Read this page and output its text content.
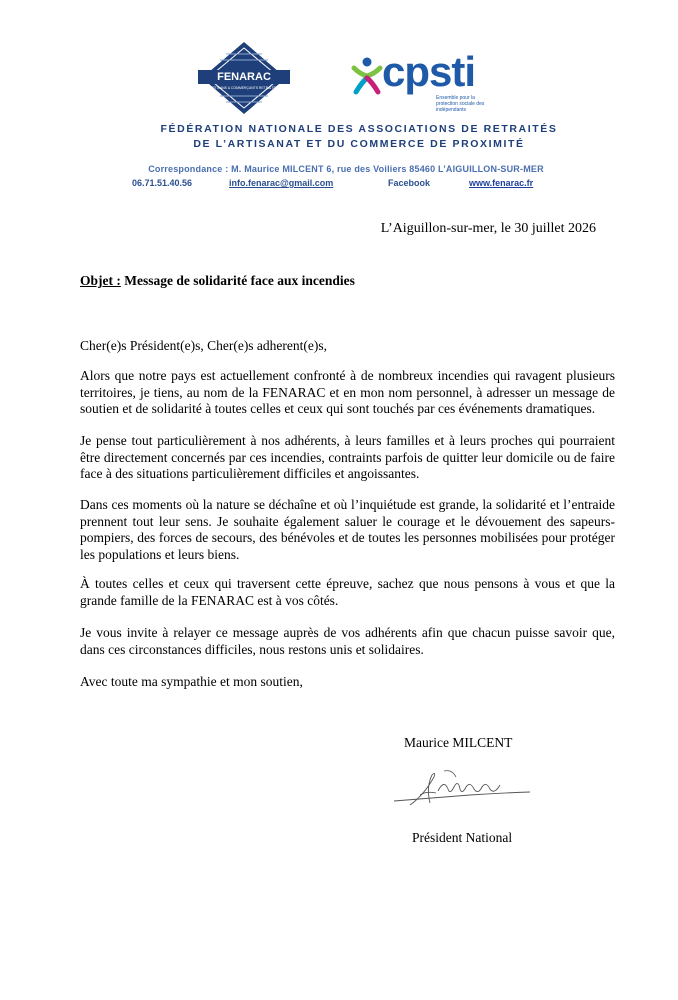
FENARAC
ARTISANS & COMMERÇANTS RETRAITÉS cpsti
Ensemble pour la protection sociale des indépendants
FÉDÉRATION NATIONALE DES ASSOCIATIONS DE RETRAITÉS
DE L’ARTISANAT ET DU COMMERCE DE PROXIMITÉ
Correspondance : M. Maurice MILCENT 6, rue des Voiliers 85460 L’AIGUILLON-SUR-MER
06.71.51.40.56	info.fenarac@gmail.com	Facebook	www.fenarac.fr
L’Aiguillon-sur-mer, le 30 juillet 2026
Objet : Message de solidarité face aux incendies
Cher(e)s Président(e)s, Cher(e)s adherent(e)s,
Alors que notre pays est actuellement confronté à de nombreux incendies qui ravagent plusieurs territoires, je tiens, au nom de la FENARAC et en mon nom personnel, à adresser un message de soutien et de solidarité à toutes celles et ceux qui sont touchés par ces événements dramatiques.
Je pense tout particulièrement à nos adhérents, à leurs familles et à leurs proches qui pourraient être directement concernés par ces incendies, contraints parfois de quitter leur domicile ou de faire face à des situations particulièrement difficiles et angoissantes.
Dans ces moments où la nature se déchaîne et où l’inquiétude est grande, la solidarité et l’entraide prennent tout leur sens. Je souhaite également saluer le courage et le dévouement des sapeurs-pompiers, des forces de secours, des bénévoles et de toutes les personnes mobilisées pour protéger les populations et leurs biens.
À toutes celles et ceux qui traversent cette épreuve, sachez que nous pensons à vous et que la grande famille de la FENARAC est à vos côtés.
Je vous invite à relayer ce message auprès de vos adhérents afin que chacun puisse savoir que, dans ces circonstances difficiles, nous restons unis et solidaires.
Avec toute ma sympathie et mon soutien,
Maurice MILCENT
Président National
